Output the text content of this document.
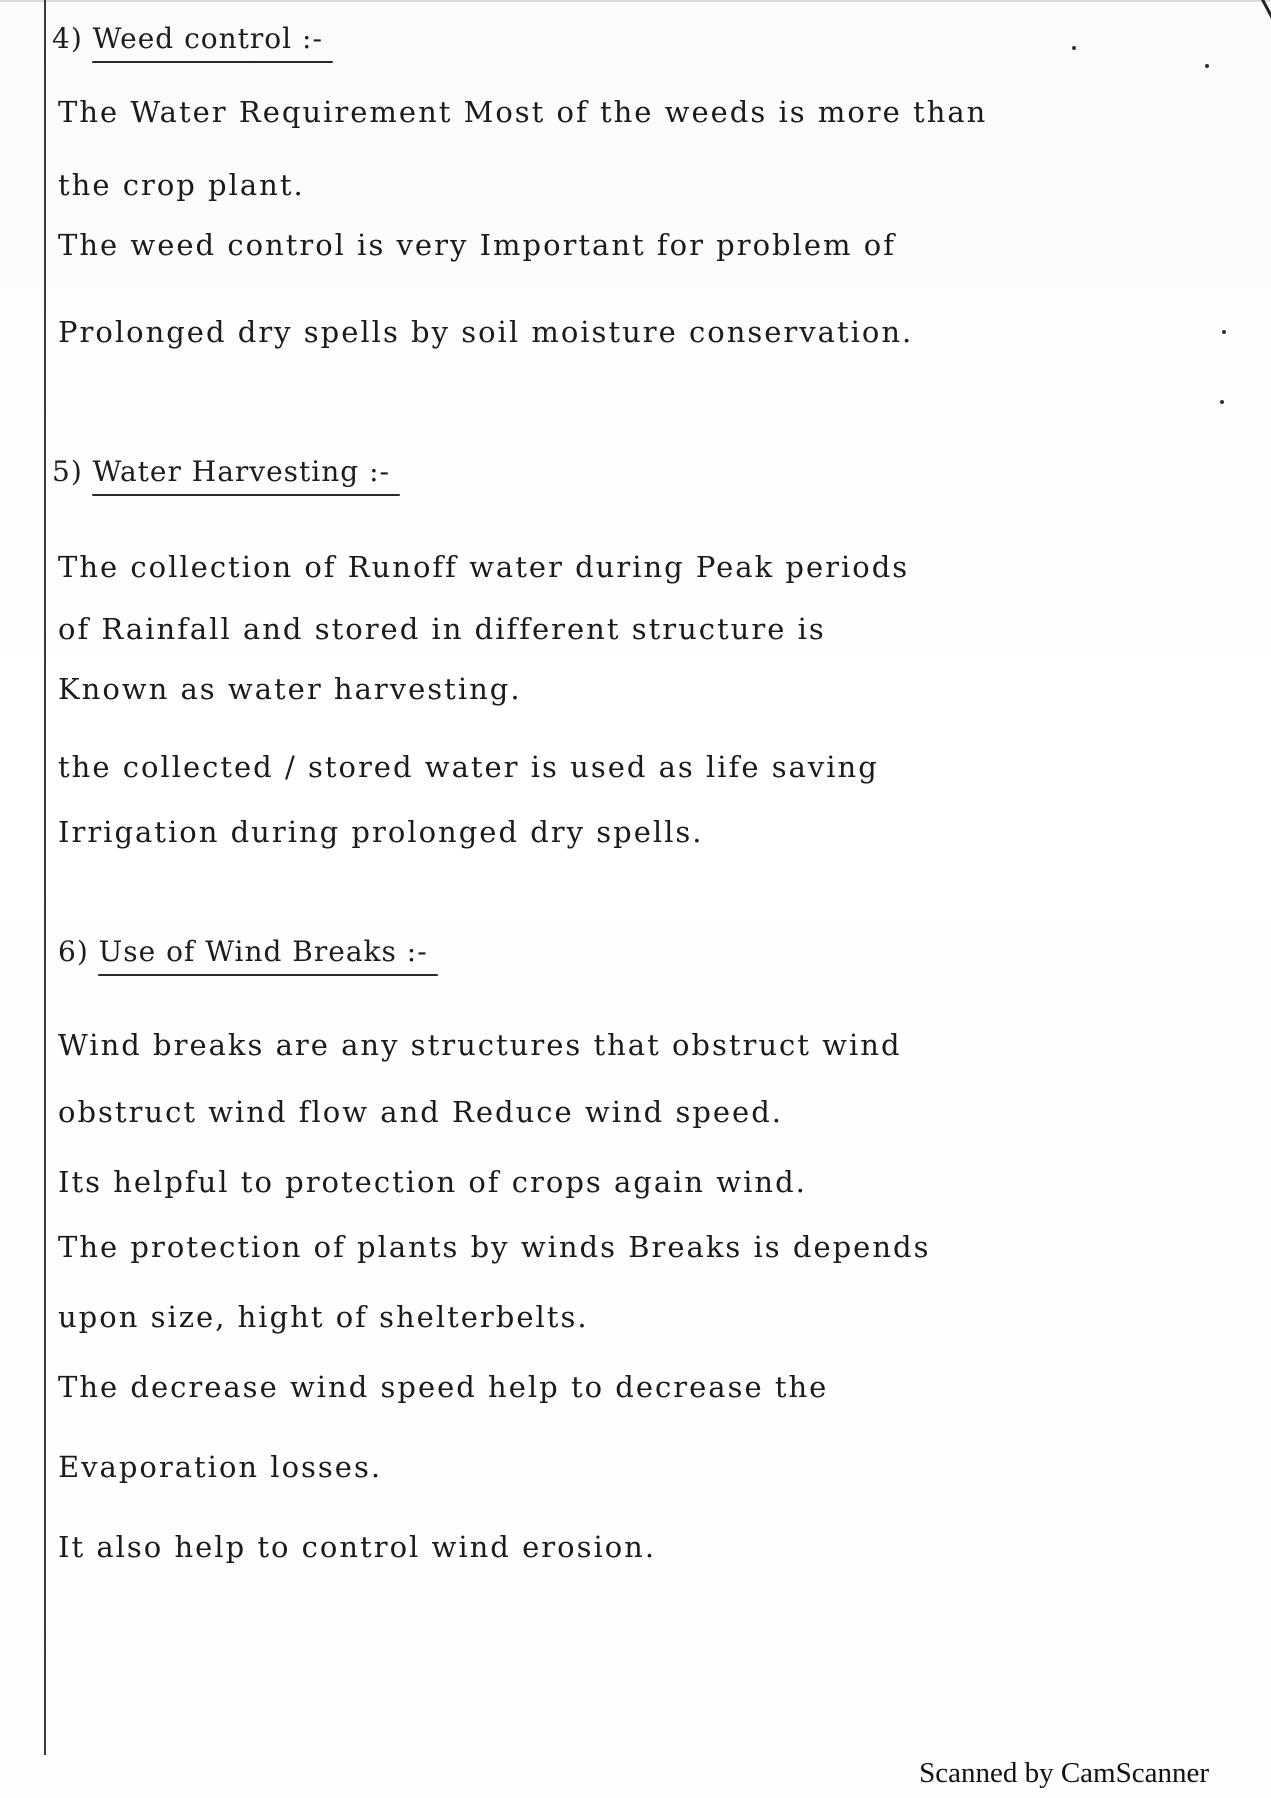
4) Weed control :-
The Water Requirement Most of the weeds is more than
the crop plant.
The weed control is very Important for problem of
Prolonged dry spells by soil moisture conservation.
5) Water Harvesting :-
The collection of Runoff water during Peak periods
of Rainfall and stored in different structure is
Known as water harvesting.
the collected / stored water is used as life saving
Irrigation during prolonged dry spells.
6) Use of Wind Breaks :-
Wind breaks are any structures that obstruct wind
obstruct wind flow and Reduce wind speed.
Its helpful to protection of crops again wind.
The protection of plants by winds Breaks is depends
upon size, hight of shelterbelts.
The decrease wind speed help to decrease the
Evaporation losses.
It also help to control wind erosion.
Scanned by CamScanner
